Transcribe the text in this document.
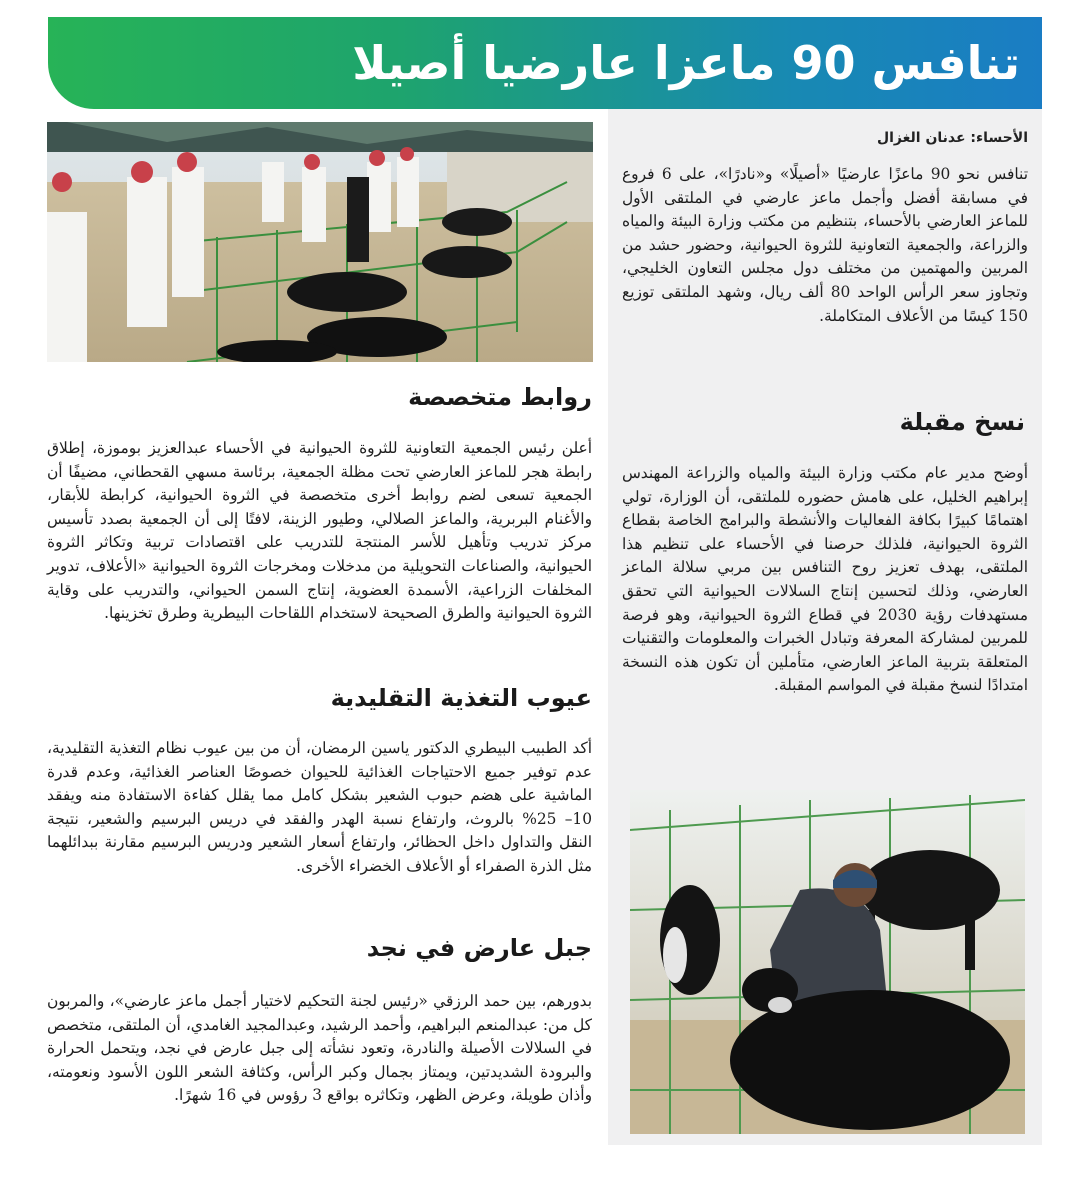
تنافس 90 ماعزا عارضيا أصيلا

الأحساء: عدنان الغزال

تنافس نحو 90 ماعزًا عارضيًا «أصيلًا» و«نادرًا»، على 6 فروع في مسابقة أفضل وأجمل ماعز عارضي في الملتقى الأول للماعز العارضي بالأحساء، بتنظيم من مكتب وزارة البيئة والمياه والزراعة، والجمعية التعاونية للثروة الحيوانية، وحضور حشد من المربين والمهتمين من مختلف دول مجلس التعاون الخليجي، وتجاوز سعر الرأس الواحد 80 ألف ريال، وشهد الملتقى توزيع 150 كيسًا من الأعلاف المتكاملة.

نسخ مقبلة

أوضح مدير عام مكتب وزارة البيئة والمياه والزراعة المهندس إبراهيم الخليل، على هامش حضوره للملتقى، أن الوزارة، تولي اهتمامًا كبيرًا بكافة الفعاليات والأنشطة والبرامج الخاصة بقطاع الثروة الحيوانية، فلذلك حرصنا في الأحساء على تنظيم هذا الملتقى، بهدف تعزيز روح التنافس بين مربي سلالة الماعز العارضي، وذلك لتحسين إنتاج السلالات الحيوانية التي تحقق مستهدفات رؤية 2030 في قطاع الثروة الحيوانية، وهو فرصة للمربين لمشاركة المعرفة وتبادل الخبرات والمعلومات والتقنيات المتعلقة بتربية الماعز العارضي، متأملين أن تكون هذه النسخة امتدادًا لنسخ مقبلة في المواسم المقبلة.

روابط متخصصة

أعلن رئيس الجمعية التعاونية للثروة الحيوانية في الأحساء عبدالعزيز بوموزة، إطلاق رابطة هجر للماعز العارضي تحت مظلة الجمعية، برئاسة مسهي القحطاني، مضيفًا أن الجمعية تسعى لضم روابط أخرى متخصصة في الثروة الحيوانية، كرابطة للأبقار، والأغنام البربرية، والماعز الصلالي، وطيور الزينة، لافتًا إلى أن الجمعية بصدد تأسيس مركز تدريب وتأهيل للأسر المنتجة للتدريب على اقتصادات تربية وتكاثر الثروة الحيوانية، والصناعات التحويلية من مدخلات ومخرجات الثروة الحيوانية «الأعلاف، تدوير المخلفات الزراعية، الأسمدة العضوية، إنتاج السمن الحيواني، والتدريب على وقاية الثروة الحيوانية والطرق الصحيحة لاستخدام اللقاحات البيطرية وطرق تخزينها.

عيوب التغذية التقليدية

أكد الطبيب البيطري الدكتور ياسين الرمضان، أن من بين عيوب نظام التغذية التقليدية، عدم توفير جميع الاحتياجات الغذائية للحيوان خصوصًا العناصر الغذائية، وعدم قدرة الماشية على هضم حبوب الشعير بشكل كامل مما يقلل كفاءة الاستفادة منه ويفقد 10– 25% بالروث، وارتفاع نسبة الهدر والفقد في دريس البرسيم والشعير، نتيجة النقل والتداول داخل الحظائر، وارتفاع أسعار الشعير ودريس البرسيم مقارنة ببدائلهما مثل الذرة الصفراء أو الأعلاف الخضراء الأخرى.

جبل عارض في نجد

بدورهم، بين حمد الرزقي «رئيس لجنة التحكيم لاختيار أجمل ماعز عارضي»، والمربون كل من: عبدالمنعم البراهيم، وأحمد الرشيد، وعبدالمجيد الغامدي، أن الملتقى، متخصص في السلالات الأصيلة والنادرة، وتعود نشأته إلى جبل عارض في نجد، ويتحمل الحرارة والبرودة الشديدتين، ويمتاز بجمال وكبر الرأس، وكثافة الشعر اللون الأسود ونعومته، وأذان طويلة، وعرض الظهر، وتكاثره بواقع 3 رؤوس في 16 شهرًا.
